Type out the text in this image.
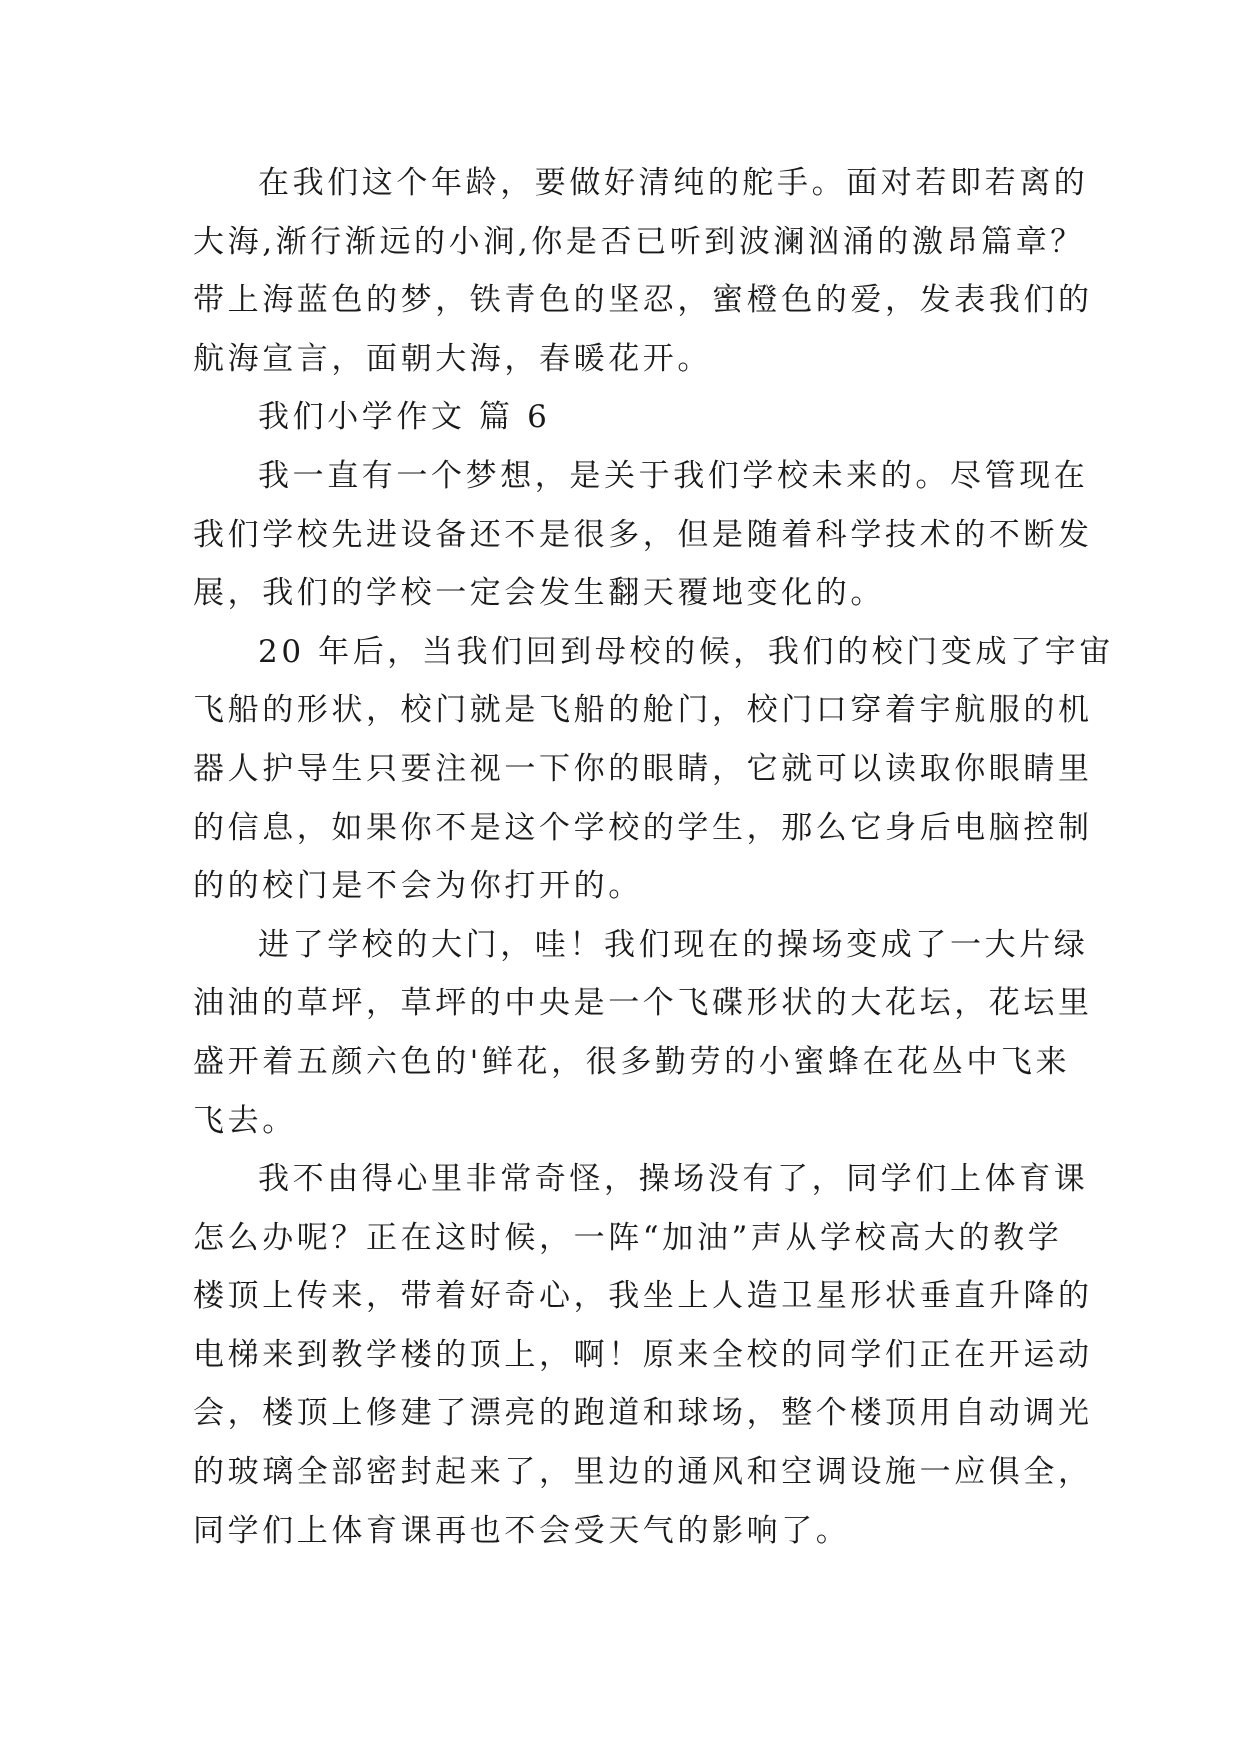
在我们这个年龄，要做好清纯的舵手。面对若即若离的
大海,渐行渐远的小涧,你是否已听到波澜汹涌的激昂篇章？
带上海蓝色的梦，铁青色的坚忍，蜜橙色的爱，发表我们的
航海宣言，面朝大海，春暖花开。
我们小学作文 篇 6
我一直有一个梦想，是关于我们学校未来的。尽管现在
我们学校先进设备还不是很多，但是随着科学技术的不断发
展，我们的学校一定会发生翻天覆地变化的。
20 年后，当我们回到母校的候，我们的校门变成了宇宙
飞船的形状，校门就是飞船的舱门，校门口穿着宇航服的机
器人护导生只要注视一下你的眼睛，它就可以读取你眼睛里
的信息，如果你不是这个学校的学生，那么它身后电脑控制
的的校门是不会为你打开的。
进了学校的大门，哇！我们现在的操场变成了一大片绿
油油的草坪，草坪的中央是一个飞碟形状的大花坛，花坛里
盛开着五颜六色的'鲜花，很多勤劳的小蜜蜂在花丛中飞来
飞去。
我不由得心里非常奇怪，操场没有了，同学们上体育课
怎么办呢？正在这时候，一阵“加油”声从学校高大的教学
楼顶上传来，带着好奇心，我坐上人造卫星形状垂直升降的
电梯来到教学楼的顶上，啊！原来全校的同学们正在开运动
会，楼顶上修建了漂亮的跑道和球场，整个楼顶用自动调光
的玻璃全部密封起来了，里边的通风和空调设施一应俱全，
同学们上体育课再也不会受天气的影响了。
